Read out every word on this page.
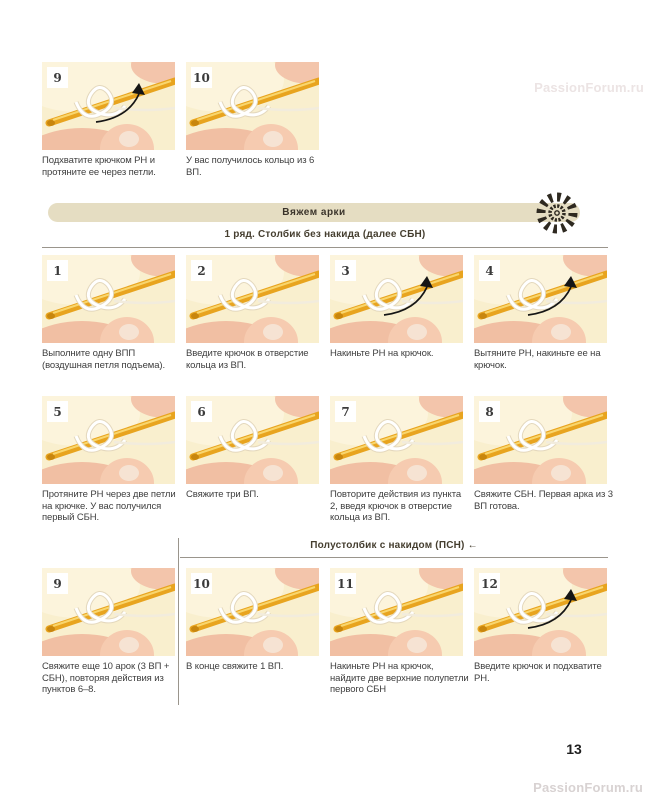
PassionForum.ru
9
Подхватите крючком РН и протяните ее через петли.
10
У вас получилось кольцо из 6 ВП.
Вяжем арки
1 ряд. Столбик без накида (далее СБН)
1
Выполните одну ВПП (воздушная петля подъема).
2
Введите крючок в отверстие кольца из ВП.
3
Накиньте РН на крючок.
4
Вытяните РН, накиньте ее на крючок.
5
Протяните РН через две петли на крючке. У вас получился первый СБН.
6
Свяжите три ВП.
7
Повторите действия из пункта 2, введя крючок в отверстие кольца из ВП.
8
Свяжите СБН. Первая арка из 3 ВП готова.
Полустолбик с накидом (ПСН) ←
9
Свяжите еще 10 арок (3 ВП + СБН), повторяя действия из пунктов 6–8.
10
В конце свяжите 1 ВП.
11
Накиньте РН на крючок, найдите две верхние полупетли первого СБН
12
Введите крючок и подхватите РН.
13
PassionForum.ru
